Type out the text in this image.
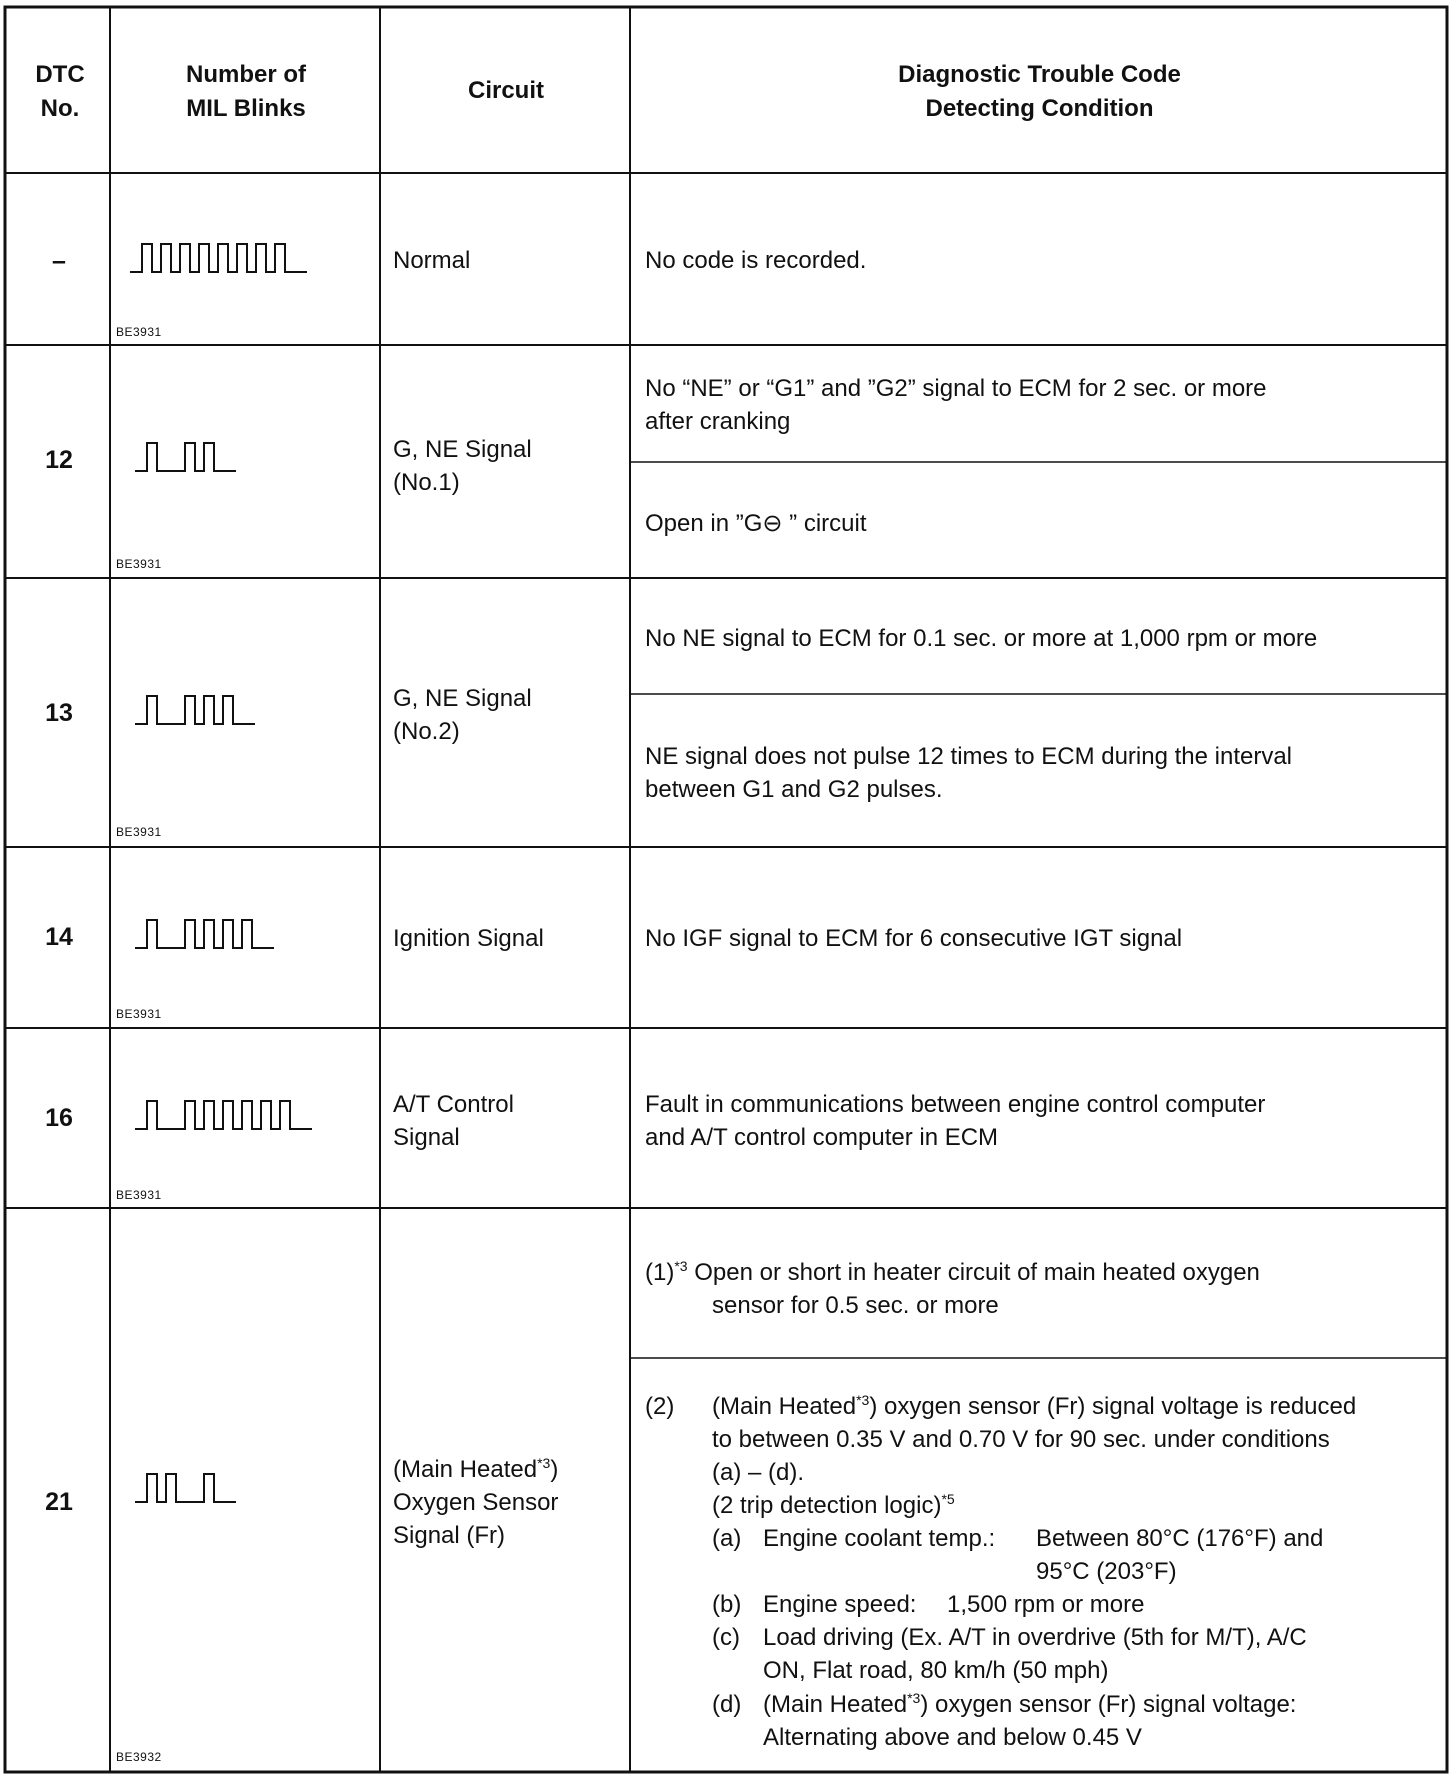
DTC
No.
Number of
MIL Blinks
Circuit
Diagnostic Trouble Code
Detecting Condition
–
BE3931
Normal	No code is recorded.
12
BE3931
G, NE Signal
(No.1)
No “NE” or “G1” and ”G2” signal to ECM for 2 sec. or more
after cranking
Open in ”G⊖ ” circuit
13
BE3931
G, NE Signal
(No.2)
No NE signal to ECM for 0.1 sec. or more at 1,000 rpm or more
NE signal does not pulse 12 times to ECM during the interval
between G1 and G2 pulses.
14
BE3931
Ignition Signal	No IGF signal to ECM for 6 consecutive IGT signal
16
BE3931
A/T Control
Signal
Fault in communications between engine control computer
and A/T control computer in ECM
21
BE3932
(Main Heated$^{*3}$)
Oxygen Sensor
Signal (Fr)
$(1)^{*3}$ Open or short in heater circuit of main heated oxygen
sensor for 0.5 sec. or more
(2) (Main Heated$^{*3}$) oxygen sensor (Fr) signal voltage is reduced
to between 0.35 V and 0.70 V for 90 sec. under conditions
(a) – (d).
(2 trip detection logic)$^{*5}$
(a) Engine coolant temp.: Between 80°C (176°F) and
95°C (203°F)
(b) Engine speed: 1,500 rpm or more
(c) Load driving (Ex. A/T in overdrive (5th for M/T), A/C
ON, Flat road, 80 km/h (50 mph)
(d) (Main Heated$^{*3}$) oxygen sensor (Fr) signal voltage:
Alternating above and below 0.45 V
